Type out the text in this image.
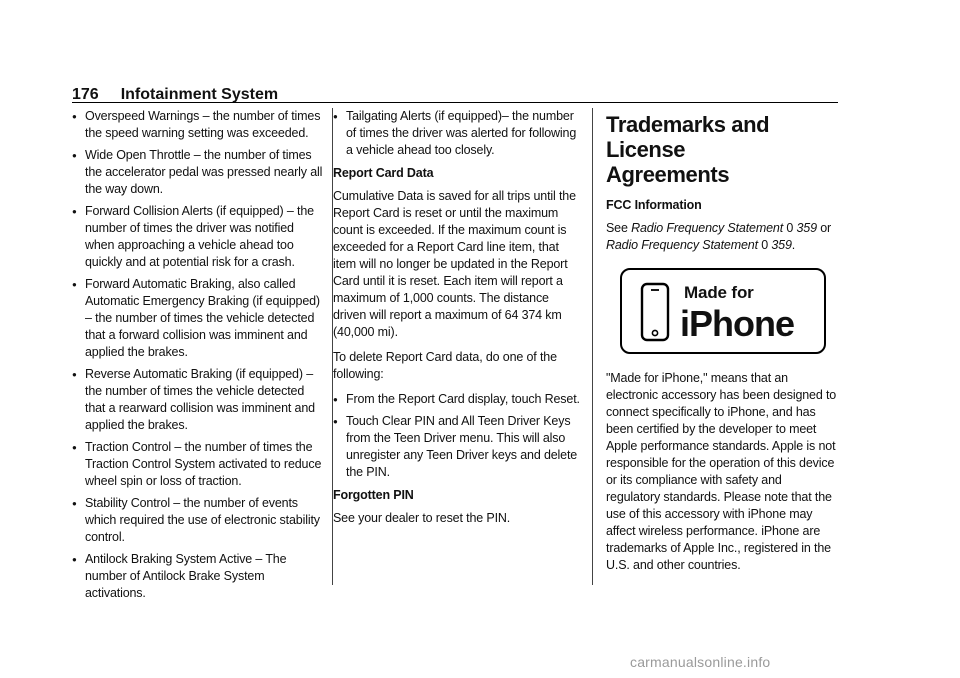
176 Infotainment System
● Overspeed Warnings – the number of times the speed warning setting was exceeded.
● Wide Open Throttle – the number of times the accelerator pedal was pressed nearly all the way down.
● Forward Collision Alerts (if equipped) – the number of times the driver was notified when approaching a vehicle ahead too quickly and at potential risk for a crash.
● Forward Automatic Braking, also called Automatic Emergency Braking (if equipped) – the number of times the vehicle detected that a forward collision was imminent and applied the brakes.
● Reverse Automatic Braking (if equipped) – the number of times the vehicle detected that a rearward collision was imminent and applied the brakes.
● Traction Control – the number of times the Traction Control System activated to reduce wheel spin or loss of traction.
● Stability Control – the number of events which required the use of electronic stability control.
● Antilock Braking System Active – The number of Antilock Brake System activations.
● Tailgating Alerts (if equipped)– the number of times the driver was alerted for following a vehicle ahead too closely.
Report Card Data

Cumulative Data is saved for all trips until the Report Card is reset or until the maximum count is exceeded. If the maximum count is exceeded for a Report Card line item, that item will no longer be updated in the Report Card until it is reset. Each item will report a maximum of 1,000 counts. The distance driven will report a maximum of 64 374 km (40,000 mi).

To delete Report Card data, do one of the following:

● From the Report Card display, touch Reset.
● Touch Clear PIN and All Teen Driver Keys from the Teen Driver menu. This will also unregister any Teen Driver keys and delete the PIN.
Forgotten PIN

See your dealer to reset the PIN.

Trademarks and License
Agreements
FCC Information

See Radio Frequency Statement 0 359 or Radio Frequency Statement 0 359.

Made for
iPhone

"Made for iPhone," means that an electronic accessory has been designed to connect specifically to iPhone, and has been certified by the developer to meet Apple performance standards. Apple is not responsible for the operation of this device or its compliance with safety and regulatory standards. Please note that the use of this accessory with iPhone may affect wireless performance. iPhone are trademarks of Apple Inc., registered in the U.S. and other countries.

carmanualsonline.info
